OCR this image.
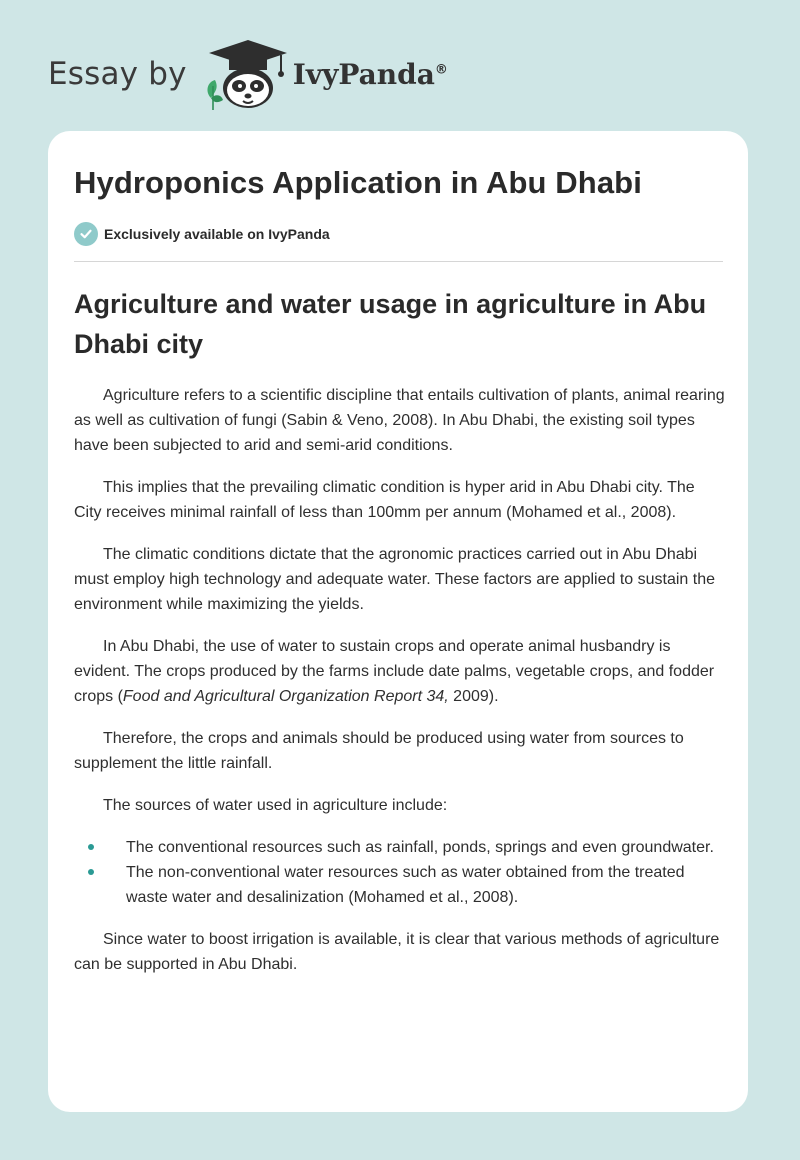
Essay by	IvyPanda®
Hydroponics Application in Abu Dhabi
Exclusively available on IvyPanda
Agriculture and water usage in agriculture in Abu Dhabi city

Agriculture refers to a scientific discipline that entails cultivation of plants, animal rearing as well as cultivation of fungi (Sabin & Veno, 2008). In Abu Dhabi, the existing soil types have been subjected to arid and semi-arid conditions.

This implies that the prevailing climatic condition is hyper arid in Abu Dhabi city. The City receives minimal rainfall of less than 100mm per annum (Mohamed et al., 2008).

The climatic conditions dictate that the agronomic practices carried out in Abu Dhabi must employ high technology and adequate water. These factors are applied to sustain the environment while maximizing the yields.

In Abu Dhabi, the use of water to sustain crops and operate animal husbandry is evident. The crops produced by the farms include date palms, vegetable crops, and fodder crops (Food and Agricultural Organization Report 34, 2009).

Therefore, the crops and animals should be produced using water from sources to supplement the little rainfall.

The sources of water used in agriculture include:

The conventional resources such as rainfall, ponds, springs and even groundwater.
The non-conventional water resources such as water obtained from the treated waste water and desalinization (Mohamed et al., 2008).

Since water to boost irrigation is available, it is clear that various methods of agriculture can be supported in Abu Dhabi.
